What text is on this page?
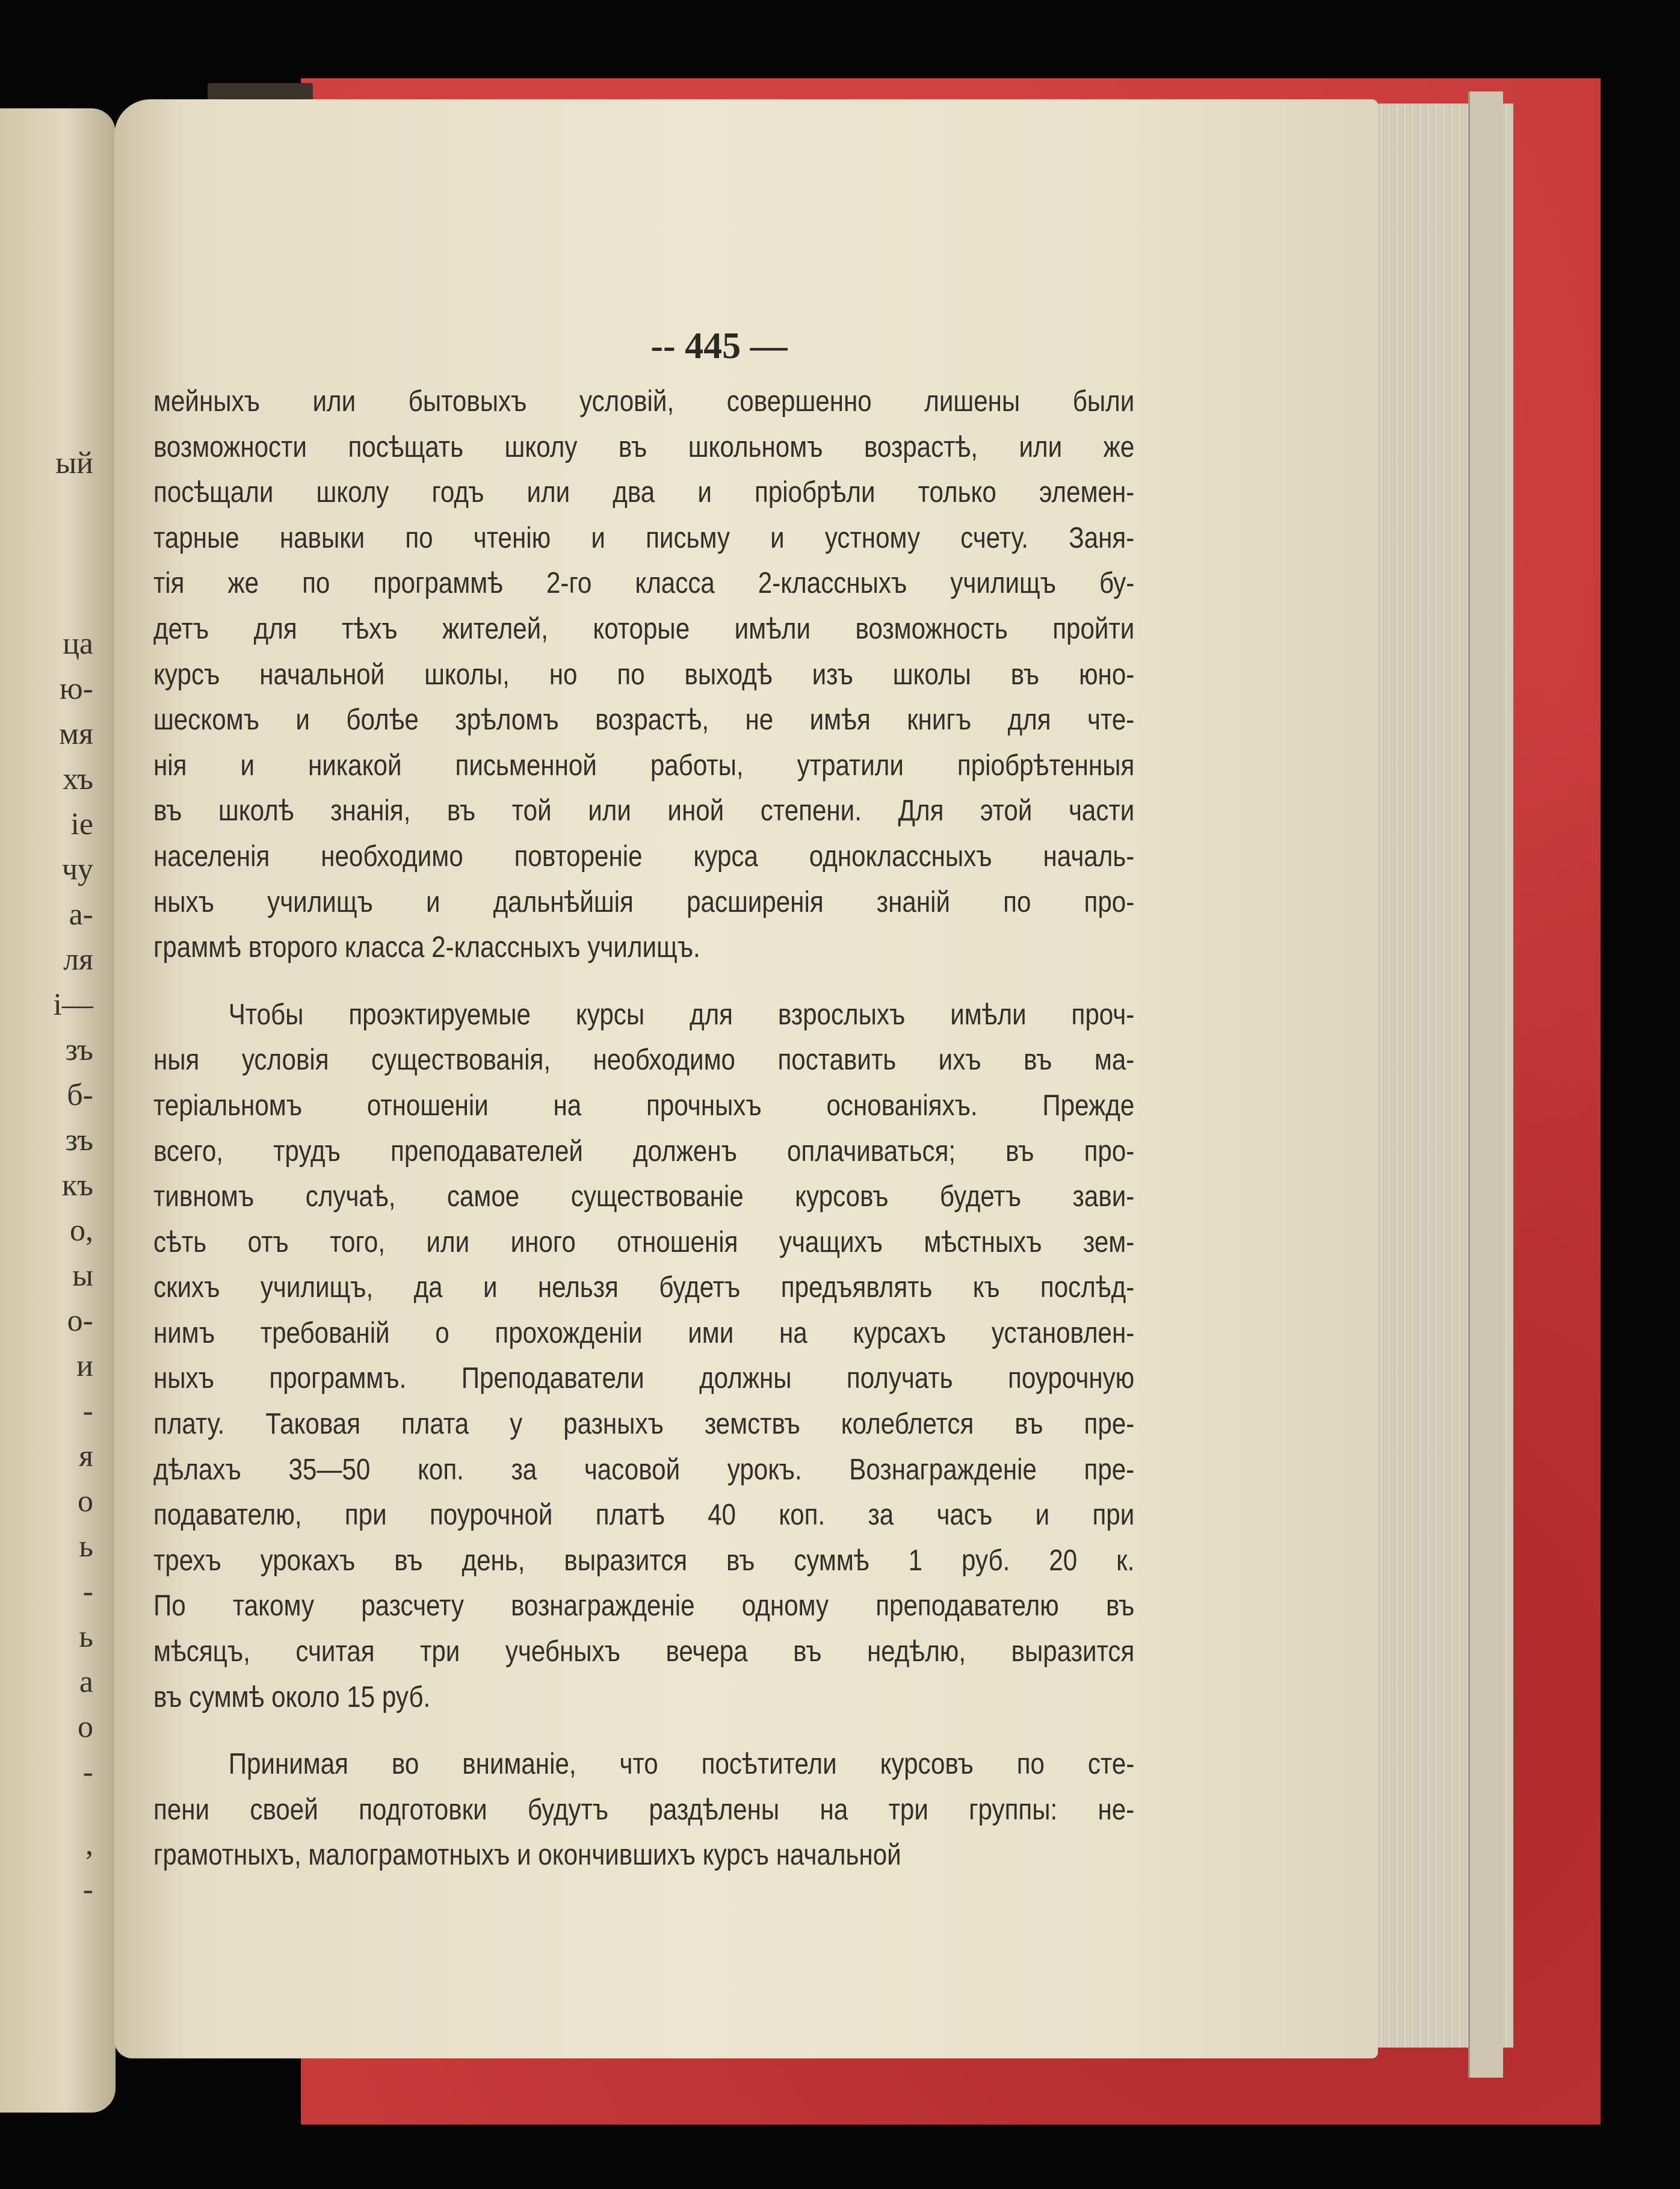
ый
ца
ю-
мя
хъ
іе
чу
а-
ля
і—
зъ
б-
зъ
къ
о,
ы
о-
и
-
я
о
ь
-
ь
а
о
-
,
-
-- 445 —
мейныхъ или бытовыхъ условій, совершенно лишены были
возможности посѣщать школу въ школьномъ возрастѣ, или же
посѣщали школу годъ или два и пріобрѣли только элемен-
тарные навыки по чтенію и письму и устному счету. Заня-
тія же по программѣ 2-го класса 2-классныхъ училищъ бу-
детъ для тѣхъ жителей, которые имѣли возможность пройти
курсъ начальной школы, но по выходѣ изъ школы въ юно-
шескомъ и болѣе зрѣломъ возрастѣ, не имѣя книгъ для чте-
нія и никакой письменной работы, утратили пріобрѣтенныя
въ школѣ знанія, въ той или иной степени. Для этой части
населенія необходимо повтореніе курса одноклассныхъ началь-
ныхъ училищъ и дальнѣйшія расширенія знаній по про-
граммѣ второго класса 2-классныхъ училищъ.
Чтобы проэктируемые курсы для взрослыхъ имѣли проч-
ныя условія существованія, необходимо поставить ихъ въ ма-
теріальномъ отношеніи на прочныхъ основаніяхъ. Прежде
всего, трудъ преподавателей долженъ оплачиваться; въ про-
тивномъ случаѣ, самое существованіе курсовъ будетъ зави-
сѣть отъ того, или иного отношенія учащихъ мѣстныхъ зем-
скихъ училищъ, да и нельзя будетъ предъявлять къ послѣд-
нимъ требованій о прохожденіи ими на курсахъ установлен-
ныхъ программъ. Преподаватели должны получать поурочную
плату. Таковая плата у разныхъ земствъ колеблется въ пре-
дѣлахъ 35—50 коп. за часовой урокъ. Вознагражденіе пре-
подавателю, при поурочной платѣ 40 коп. за часъ и при
трехъ урокахъ въ день, выразится въ суммѣ 1 руб. 20 к.
По такому разсчету вознагражденіе одному преподавателю въ
мѣсяцъ, считая три учебныхъ вечера въ недѣлю, выразится
въ суммѣ около 15 руб.
Принимая во вниманіе, что посѣтители курсовъ по сте-
пени своей подготовки будутъ раздѣлены на три группы: не-
грамотныхъ, малограмотныхъ и окончившихъ курсъ начальной
